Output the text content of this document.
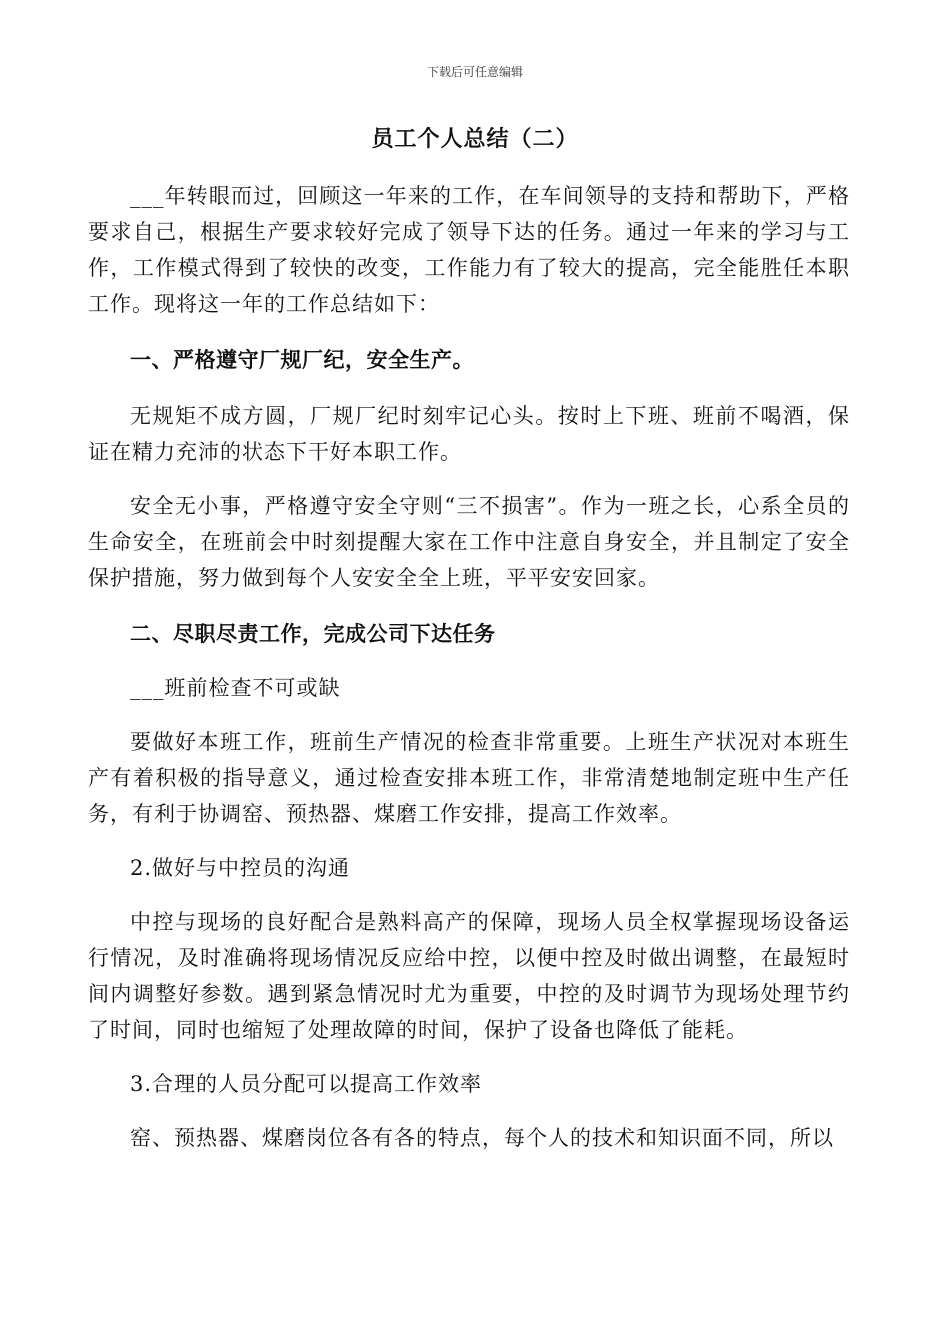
下载后可任意编辑
员工个人总结（二）

___年转眼而过，回顾这一年来的工作，在车间领导的支持和帮助下，严格要求自己，根据生产要求较好完成了领导下达的任务。通过一年来的学习与工作，工作模式得到了较快的改变，工作能力有了较大的提高，完全能胜任本职工作。现将这一年的工作总结如下：

一、严格遵守厂规厂纪，安全生产。

无规矩不成方圆，厂规厂纪时刻牢记心头。按时上下班、班前不喝酒，保证在精力充沛的状态下干好本职工作。

安全无小事，严格遵守安全守则“三不损害”。作为一班之长，心系全员的生命安全，在班前会中时刻提醒大家在工作中注意自身安全，并且制定了安全保护措施，努力做到每个人安安全全上班，平平安安回家。

二、尽职尽责工作，完成公司下达任务

___班前检查不可或缺

要做好本班工作，班前生产情况的检查非常重要。上班生产状况对本班生产有着积极的指导意义，通过检查安排本班工作，非常清楚地制定班中生产任务，有利于协调窑、预热器、煤磨工作安排，提高工作效率。

2.做好与中控员的沟通

中控与现场的良好配合是熟料高产的保障，现场人员全权掌握现场设备运行情况，及时准确将现场情况反应给中控，以便中控及时做出调整，在最短时间内调整好参数。遇到紧急情况时尤为重要，中控的及时调节为现场处理节约了时间，同时也缩短了处理故障的时间，保护了设备也降低了能耗。

3.合理的人员分配可以提高工作效率

窑、预热器、煤磨岗位各有各的特点，每个人的技术和知识面不同，所以
